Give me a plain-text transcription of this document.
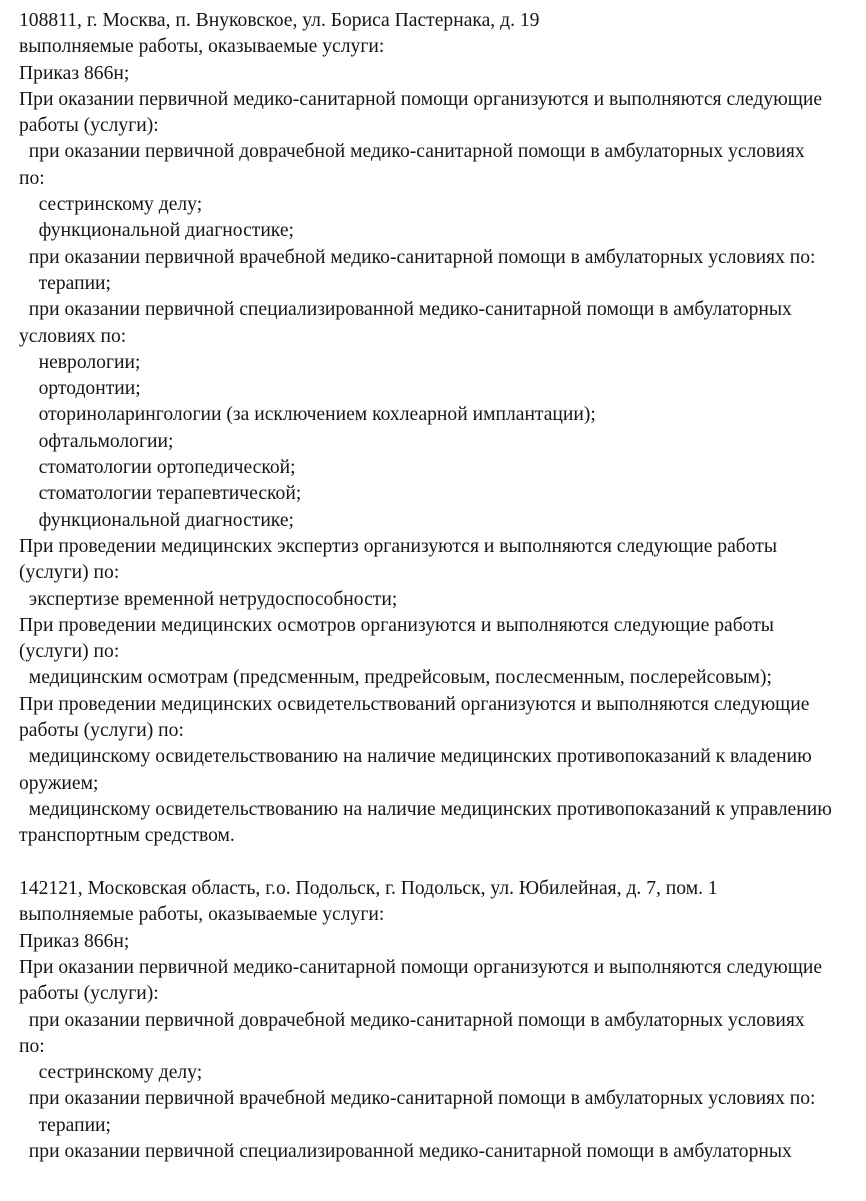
108811, г. Москва, п. Внуковское, ул. Бориса Пастернака, д. 19
выполняемые работы, оказываемые услуги:
Приказ 866н;
При оказании первичной медико-санитарной помощи организуются и выполняются следующие
работы (услуги):
при оказании первичной доврачебной медико-санитарной помощи в амбулаторных условиях
по:
сестринскому делу;
функциональной диагностике;
при оказании первичной врачебной медико-санитарной помощи в амбулаторных условиях по:
терапии;
при оказании первичной специализированной медико-санитарной помощи в амбулаторных
условиях по:
неврологии;
ортодонтии;
оториноларингологии (за исключением кохлеарной имплантации);
офтальмологии;
стоматологии ортопедической;
стоматологии терапевтической;
функциональной диагностике;
При проведении медицинских экспертиз организуются и выполняются следующие работы
(услуги) по:
экспертизе временной нетрудоспособности;
При проведении медицинских осмотров организуются и выполняются следующие работы
(услуги) по:
медицинским осмотрам (предсменным, предрейсовым, послесменным, послерейсовым);
При проведении медицинских освидетельствований организуются и выполняются следующие
работы (услуги) по:
медицинскому освидетельствованию на наличие медицинских противопоказаний к владению
оружием;
медицинскому освидетельствованию на наличие медицинских противопоказаний к управлению
транспортным средством.
142121, Московская область, г.о. Подольск, г. Подольск, ул. Юбилейная, д. 7, пом. 1
выполняемые работы, оказываемые услуги:
Приказ 866н;
При оказании первичной медико-санитарной помощи организуются и выполняются следующие
работы (услуги):
при оказании первичной доврачебной медико-санитарной помощи в амбулаторных условиях
по:
сестринскому делу;
при оказании первичной врачебной медико-санитарной помощи в амбулаторных условиях по:
терапии;
при оказании первичной специализированной медико-санитарной помощи в амбулаторных
